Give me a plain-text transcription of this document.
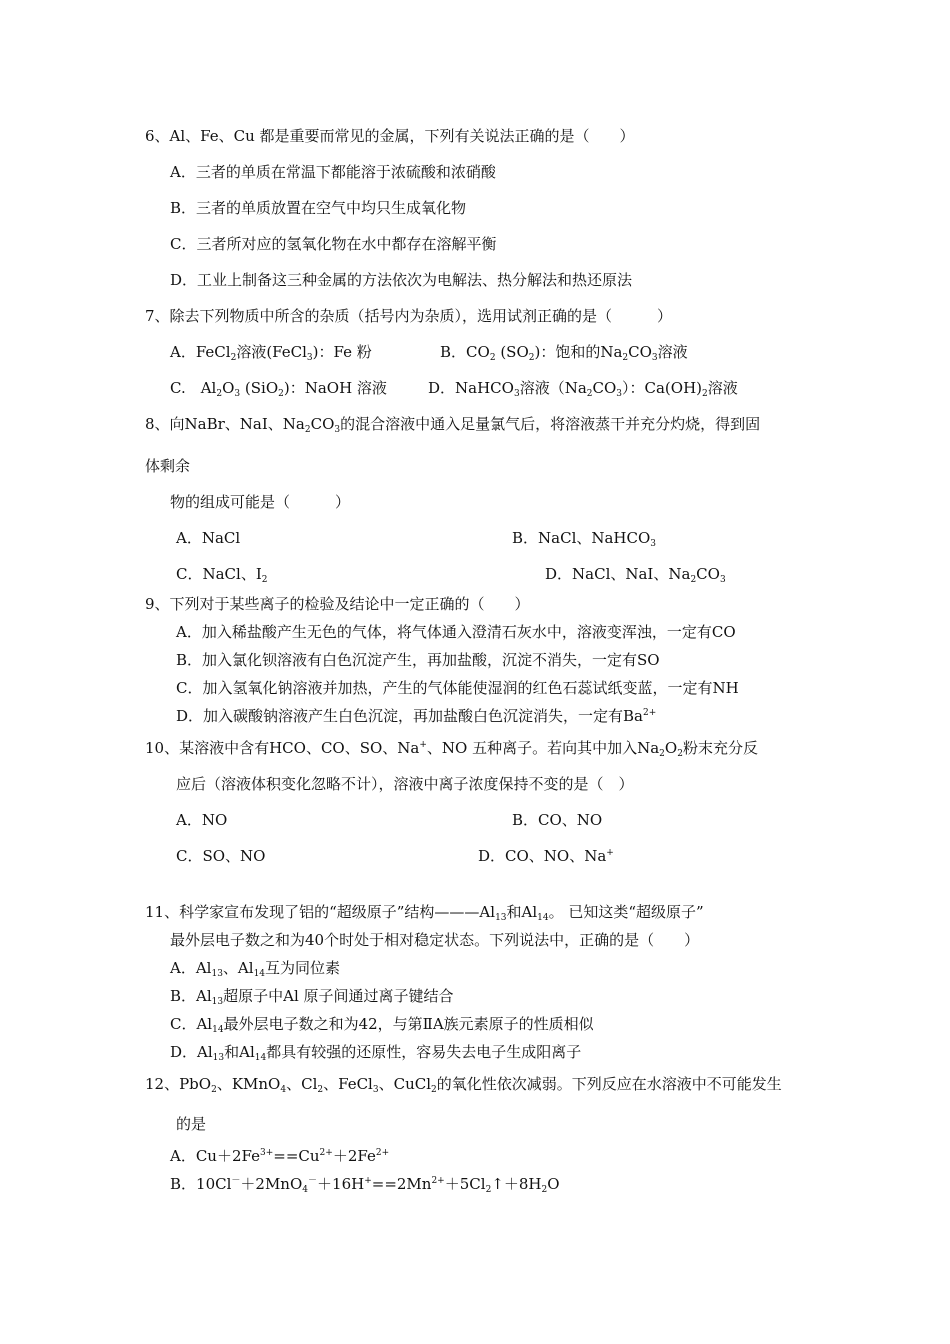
6、Al、Fe、Cu 都是重要而常见的金属，下列有关说法正确的是（　　）
A．三者的单质在常温下都能溶于浓硫酸和浓硝酸
B．三者的单质放置在空气中均只生成氧化物
C．三者所对应的氢氧化物在水中都存在溶解平衡
D．工业上制备这三种金属的方法依次为电解法、热分解法和热还原法
7、除去下列物质中所含的杂质（括号内为杂质），选用试剂正确的是（　　　）
A．FeCl$_2$溶液(FeCl$_3$)：Fe 粉	B．$CO_2$ $(SO_2)$：饱和的$Na_2CO_3$溶液
C.　$Al_2O_3$ (SiO$_2$)：NaOH 溶液	D．NaHCO$_3$溶液$(Na_2CO_3)$：$Ca(OH)_2$溶液
8、向NaBr、NaI、$Na_2CO_3$的混合溶液中通入足量氯气后，将溶液蒸干并充分灼烧，得到固
体剩余
物的组成可能是（　　　）
A．NaCl	B．NaCl、NaHCO$_3$
C．NaCl、$I_2$	D．NaCl、NaI、$Na_2CO_3$
9、下列对于某些离子的检验及结论中一定正确的（　　）
A．加入稀盐酸产生无色的气体，将气体通入澄清石灰水中，溶液变浑浊，一定有CO
B．加入氯化钡溶液有白色沉淀产生，再加盐酸，沉淀不消失，一定有SO
C．加入氢氧化钠溶液并加热，产生的气体能使湿润的红色石蕊试纸变蓝，一定有NH
D．加入碳酸钠溶液产生白色沉淀，再加盐酸白色沉淀消失，一定有$Ba^{2+}$
10、某溶液中含有HCO、CO、SO、Na+、NO 五种离子。若向其中加入$Na_2O_2$粉末充分反
应后（溶液体积变化忽略不计），溶液中离子浓度保持不变的是（　）
A．NO	B．CO、NO
C．SO、NO	D．CO、NO、Na+
11、科学家宣布发现了铝的“超级原子”结构$———Al_{13}$和$Al_{14}$。 已知这类“超级原子”
最外层电子数之和为40个时处于相对稳定状态。下列说法中，正确的是（　　）
A．$Al_{13}$、$Al_{14}$互为同位素
B．$Al_{13}$超原子中Al 原子间通过离子键结合
C．$Al_{14}$最外层电子数之和为42，与第ⅡA族元素原子的性质相似
D．$Al_{13}$和$Al_{14}$都具有较强的还原性，容易失去电子生成阳离子
12、PbO$_2$、KMnO$_4$、$Cl_2$、FeCl$_3$、CuCl$_2$的氧化性依次减弱。下列反应在水溶液中不可能发生
的是
A．$Cu+2Fe^{3+}==Cu^{2+}+2Fe^{2+}$
B．$10Cl^-+2MnO_4^-+16H^+==2Mn^{2+}+5Cl_2↑+8H_2O$
